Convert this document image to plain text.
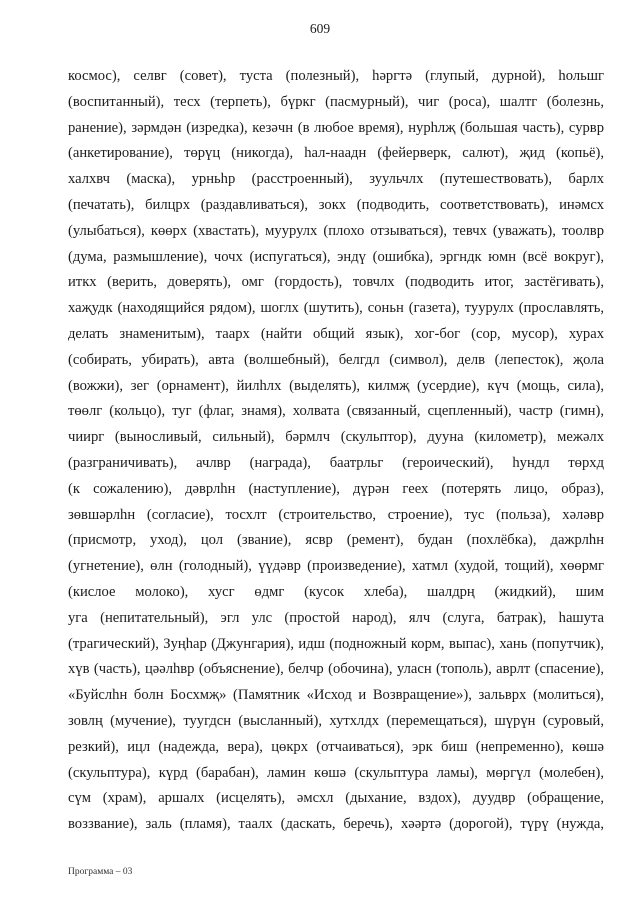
609
космос), селвг (совет), туста (полезный), һәргтә (глупый, дурной), һольшг
(воспитанный), тесх (терпеть), бүркг (пасмурный), чиг (роса), шалтг (болезнь,
ранение), зәрмдән (изредка), кезәчн (в любое время), нурһлҗ (большая часть), сурвр
(анкетирование), төрүц (никогда), һал-наадн (фейерверк, салют), җид (копьё),
халхвч (маска), урньһр (расстроенный), зуульчлх (путешествовать), барлх
(печатать), билцрх (раздавливаться), зокх (подводить, соответствовать), инәмсх
(улыбаться), көөрх (хвастать), муурулх (плохо отзываться), тевчх (уважать), тоолвр
(дума, размышление), чочх (испугаться), эндү (ошибка), эргндк юмн (всё вокруг),
иткх (верить, доверять), омг (гордость), товчлх (подводить итог, застёгивать),
хаҗудк (находящийся рядом), шоглх (шутить), соньн (газета), туурулх (прославлять,
делать знаменитым), таарх (найти общий язык), хог-бог (сор, мусор), хурах
(собирать, убирать), авта (волшебный), белгдл (символ), делв (лепесток), җола
(вожжи), зег (орнамент), йилһлх (выделять), килмҗ (усердие), күч (мощь, сила),
төөлг (кольцо), туг (флаг, знамя), холвата (связанный, сцепленный), частр (гимн),
чиирг (выносливый, сильный), бәрмлч (скульптор), дууна (километр), межәлх
(разграничивать), ачлвр (награда), баатрльг (героический), һундл төрхд
(к сожалению), дәврлһн (наступление), дүрән геех (потерять лицо, образ),
зөвшәрлһн (согласие), тосхлт (строительство, строение), тус (польза), хәләвр
(присмотр, уход), цол (звание), ясвр (ремент), будан (похлёбка), дажрлһн
(угнетение), өлн (голодный), үүдәвр (произведение), хатмл (худой, тощий), хөөрмг
(кислое молоко), хусг өдмг (кусок хлеба), шалдрң (жидкий), шим
уга (непитательный), эгл улс (простой народ), ялч (слуга, батрак), һашута
(трагический), Зуңһар (Джунгария), идш (подножный корм, выпас), хань (попутчик),
хүв (часть), цәәлһвр (объяснение), белчр (обочина), уласн (тополь), аврлт (спасение),
«Буйслһн болн Босхмҗ» (Памятник «Исход и Возвращение»), зальврх (молиться),
зовлң (мучение), туугдсн (высланный), хутхлдх (перемещаться), шүрүн (суровый,
резкий), ицл (надежда, вера), цөкрх (отчаиваться), эрк биш (непременно), көшә
(скульптура), күрд (барабан), ламин көшә (скульптура ламы), мөргүл (молебен),
сүм (храм), аршалх (исцелять), әмсхл (дыхание, вздох), дуудвр (обращение,
воззвание), заль (пламя), таалх (даскать, беречь), хәәртә (дорогой), түрү (нужда,
Программа – 03
